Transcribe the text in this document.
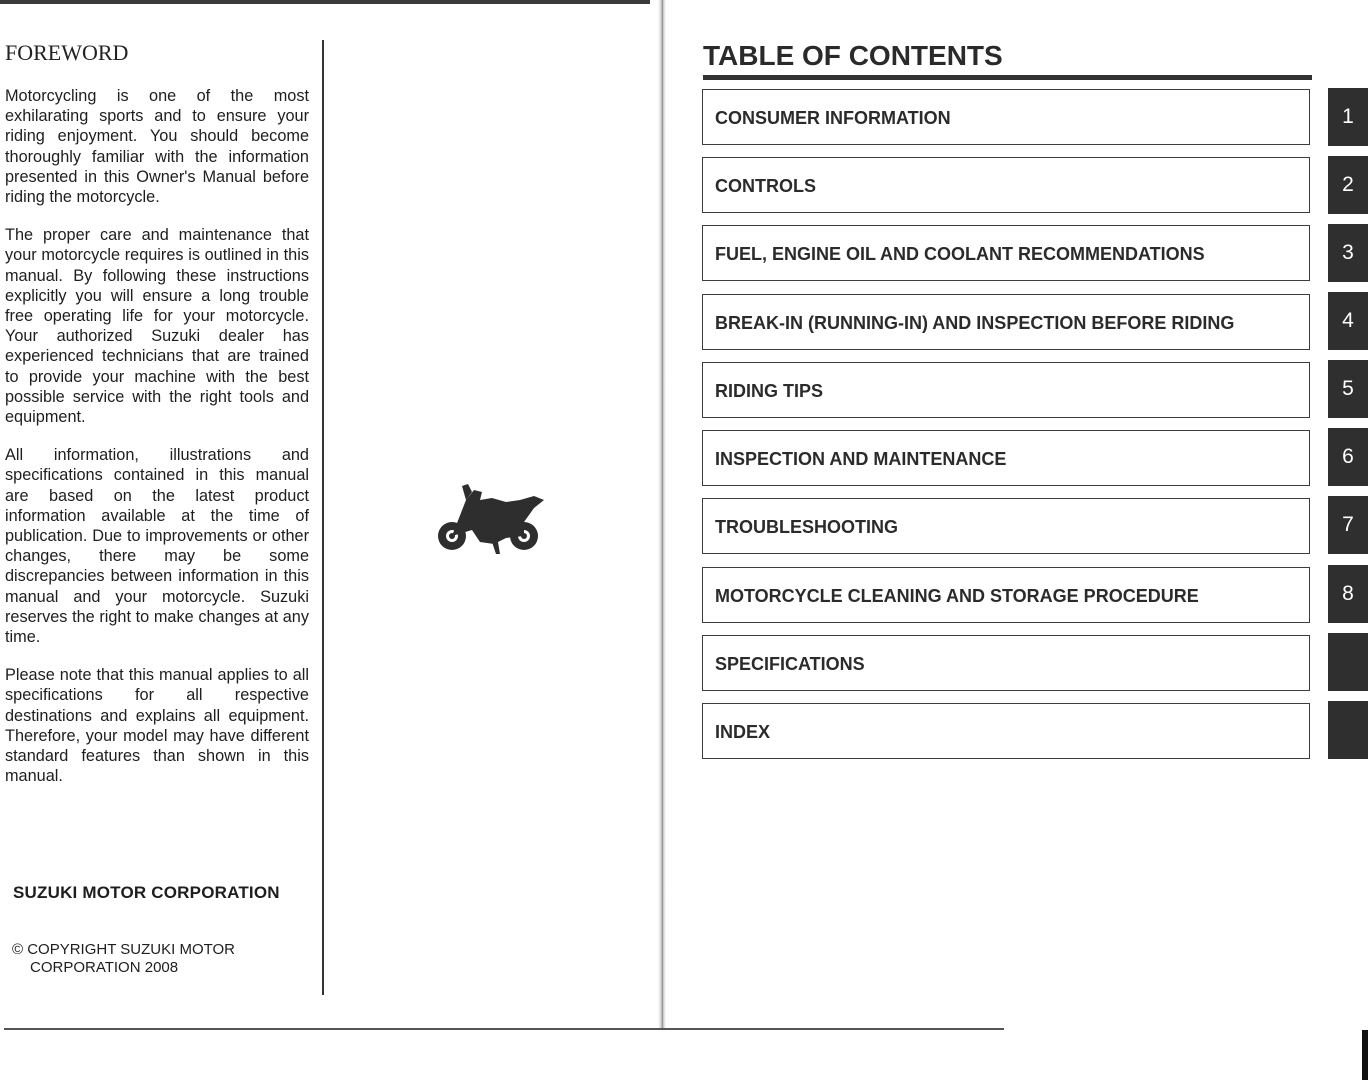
FOREWORD

Motorcycling is one of the most exhilarating sports and to ensure your riding enjoyment. You should become thoroughly familiar with the information presented in this Owner's Manual before riding the motorcycle.

The proper care and maintenance that your motorcycle requires is outlined in this manual. By following these instructions explicitly you will ensure a long trouble free operating life for your motorcycle. Your authorized Suzuki dealer has experienced technicians that are trained to provide your machine with the best possible service with the right tools and equipment.

All information, illustrations and specifications contained in this manual are based on the latest product information available at the time of publication. Due to improvements or other changes, there may be some discrepancies between information in this manual and your motorcycle. Suzuki reserves the right to make changes at any time.

Please note that this manual applies to all specifications for all respective destinations and explains all equipment. Therefore, your model may have different standard features than shown in this manual.

SUZUKI MOTOR CORPORATION

© COPYRIGHT SUZUKI MOTOR
CORPORATION 2008
TABLE OF CONTENTS
CONSUMER INFORMATION	1
CONTROLS	2
FUEL, ENGINE OIL AND COOLANT RECOMMENDATIONS	3
BREAK-IN (RUNNING-IN) AND INSPECTION BEFORE RIDING	4
RIDING TIPS	5
INSPECTION AND MAINTENANCE	6
TROUBLESHOOTING	7
MOTORCYCLE CLEANING AND STORAGE PROCEDURE	8
SPECIFICATIONS
INDEX
